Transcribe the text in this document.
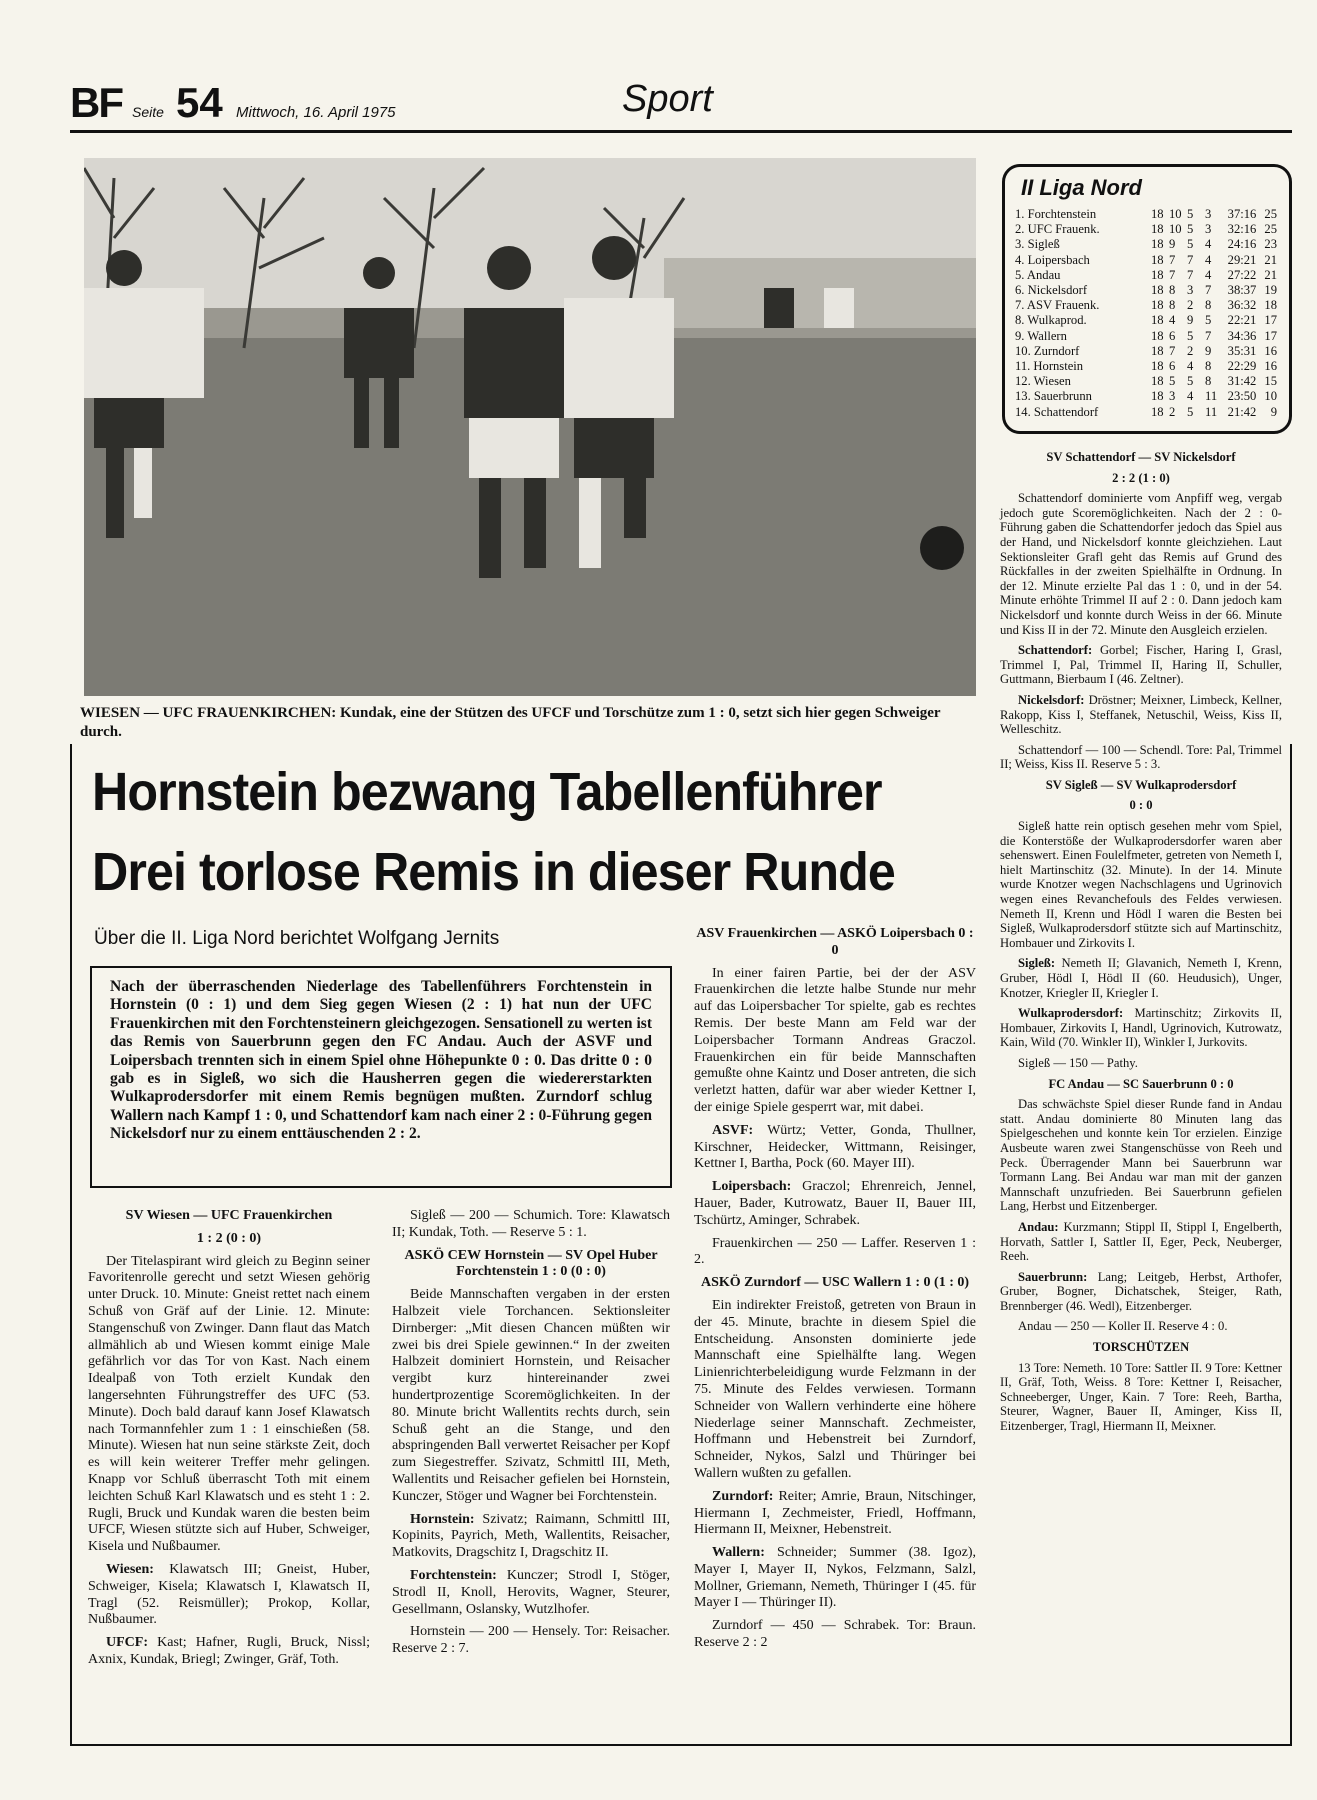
BF Seite 54 Mittwoch, 16. April 1975	Sport
WIESEN — UFC FRAUENKIRCHEN: Kundak, eine der Stützen des UFCF und Torschütze zum 1 : 0, setzt sich hier gegen Schweiger durch.
Hornstein bezwang Tabellenführer
Drei torlose Remis in dieser Runde
Über die II. Liga Nord berichtet Wolfgang Jernits
Nach der überraschenden Niederlage des Tabellenführers Forchtenstein in Hornstein (0 : 1) und dem Sieg gegen Wiesen (2 : 1) hat nun der UFC Frauenkirchen mit den Forchtensteinern gleichgezogen. Sensationell zu werten ist das Remis von Sauerbrunn gegen den FC Andau. Auch der ASVF und Loipersbach trennten sich in einem Spiel ohne Höhepunkte 0 : 0. Das dritte 0 : 0 gab es in Sigleß, wo sich die Hausherren gegen die wiedererstarkten Wulkaprodersdorfer mit einem Remis begnügen mußten. Zurndorf schlug Wallern nach Kampf 1 : 0, und Schattendorf kam nach einer 2 : 0-Führung gegen Nickelsdorf nur zu einem enttäuschenden 2 : 2.
II Liga Nord
1. Forchtenstein	18 10 5 3	37:16 25
2. UFC Frauenk.	18 10 5 3	32:16 25
3. Sigleß	18 9 5 4	24:16 23
4. Loipersbach	18 7 7 4	29:21 21
5. Andau	18 7 7 4	27:22 21
6. Nickelsdorf	18 8 3 7	38:37 19
7. ASV Frauenk.	18 8 2 8	36:32 18
8. Wulkaprod.	18 4 9 5	22:21 17
9. Wallern	18 6 5 7	34:36 17
10. Zurndorf	18 7 2 9	35:31 16
11. Hornstein	18 6 4 8	22:29 16
12. Wiesen	18 5 5 8	31:42 15
13. Sauerbrunn	18 3 4 11 23:50 10
14. Schattendorf	18 2 5 11 21:42	9

SV Wiesen — UFC Frauenkirchen

1 : 2 (0 : 0)

Der Titelaspirant wird gleich zu Beginn seiner Favoritenrolle gerecht und setzt Wiesen gehörig unter Druck. 10. Minute: Gneist rettet nach einem Schuß von Gräf auf der Linie. 12. Minute: Stangenschuß von Zwinger. Dann flaut das Match allmählich ab und Wiesen kommt einige Male gefährlich vor das Tor von Kast. Nach einem Idealpaß von Toth erzielt Kundak den langersehnten Führungstreffer des UFC (53. Minute). Doch bald darauf kann Josef Klawatsch nach Tormannfehler zum 1 : 1 einschießen (58. Minute). Wiesen hat nun seine stärkste Zeit, doch es will kein weiterer Treffer mehr gelingen. Knapp vor Schluß überrascht Toth mit einem leichten Schuß Karl Klawatsch und es steht 1 : 2. Rugli, Bruck und Kundak waren die besten beim UFCF, Wiesen stützte sich auf Huber, Schweiger, Kisela und Nußbaumer.

Wiesen: Klawatsch III; Gneist, Huber, Schweiger, Kisela; Klawatsch I, Klawatsch II, Tragl (52. Reismüller); Prokop, Kollar, Nußbaumer.

UFCF: Kast; Hafner, Rugli, Bruck, Nissl; Axnix, Kundak, Briegl; Zwinger, Gräf, Toth.

Sigleß — 200 — Schumich. Tore: Klawatsch II; Kundak, Toth. — Reserve 5 : 1.

ASKÖ CEW Hornstein — SV Opel Huber Forchtenstein 1 : 0 (0 : 0)

Beide Mannschaften vergaben in der ersten Halbzeit viele Torchancen. Sektionsleiter Dirnberger: „Mit diesen Chancen müßten wir zwei bis drei Spiele gewinnen.“ In der zweiten Halbzeit dominiert Hornstein, und Reisacher vergibt kurz hintereinander zwei hundertprozentige Scoremöglichkeiten. In der 80. Minute bricht Wallentits rechts durch, sein Schuß geht an die Stange, und den abspringenden Ball verwertet Reisacher per Kopf zum Siegestreffer. Szivatz, Schmittl III, Meth, Wallentits und Reisacher gefielen bei Hornstein, Kunczer, Stöger und Wagner bei Forchtenstein.

Hornstein: Szivatz; Raimann, Schmittl III, Kopinits, Payrich, Meth, Wallentits, Reisacher, Matkovits, Dragschitz I, Dragschitz II.

Forchtenstein: Kunczer; Strodl I, Stöger, Strodl II, Knoll, Herovits, Wagner, Steurer, Gesellmann, Oslansky, Wutzlhofer.

Hornstein — 200 — Hensely. Tor: Reisacher. Reserve 2 : 7.

ASV Frauenkirchen — ASKÖ Loipersbach 0 : 0

In einer fairen Partie, bei der der ASV Frauenkirchen die letzte halbe Stunde nur mehr auf das Loipersbacher Tor spielte, gab es rechtes Remis. Der beste Mann am Feld war der Loipersbacher Tormann Andreas Graczol. Frauenkirchen ein für beide Mannschaften gemußte ohne Kaintz und Doser antreten, die sich verletzt hatten, dafür war aber wieder Kettner I, der einige Spiele gesperrt war, mit dabei.

ASVF: Würtz; Vetter, Gonda, Thullner, Kirschner, Heidecker, Wittmann, Reisinger, Kettner I, Bartha, Pock (60. Mayer III).

Loipersbach: Graczol; Ehrenreich, Jennel, Hauer, Bader, Kutrowatz, Bauer II, Bauer III, Tschürtz, Aminger, Schrabek.

Frauenkirchen — 250 — Laffer. Reserven 1 : 2.

ASKÖ Zurndorf — USC Wallern 1 : 0 (1 : 0)

Ein indirekter Freistoß, getreten von Braun in der 45. Minute, brachte in diesem Spiel die Entscheidung. Ansonsten dominierte jede Mannschaft eine Spielhälfte lang. Wegen Linienrichterbeleidigung wurde Felzmann in der 75. Minute des Feldes verwiesen. Tormann Schneider von Wallern verhinderte eine höhere Niederlage seiner Mannschaft. Zechmeister, Hoffmann und Hebenstreit bei Zurndorf, Schneider, Nykos, Salzl und Thüringer bei Wallern wußten zu gefallen.

Zurndorf: Reiter; Amrie, Braun, Nitschinger, Hiermann I, Zechmeister, Friedl, Hoffmann, Hiermann II, Meixner, Hebenstreit.

Wallern: Schneider; Summer (38. Igoz), Mayer I, Mayer II, Nykos, Felzmann, Salzl, Mollner, Griemann, Nemeth, Thüringer I (45. für Mayer I — Thüringer II).

Zurndorf — 450 — Schrabek. Tor: Braun. Reserve 2 : 2

SV Schattendorf — SV Nickelsdorf

2 : 2 (1 : 0)

Schattendorf dominierte vom Anpfiff weg, vergab jedoch gute Scoremöglichkeiten. Nach der 2 : 0-Führung gaben die Schattendorfer jedoch das Spiel aus der Hand, und Nickelsdorf konnte gleichziehen. Laut Sektionsleiter Grafl geht das Remis auf Grund des Rückfalles in der zweiten Spielhälfte in Ordnung. In der 12. Minute erzielte Pal das 1 : 0, und in der 54. Minute erhöhte Trimmel II auf 2 : 0. Dann jedoch kam Nickelsdorf und konnte durch Weiss in der 66. Minute und Kiss II in der 72. Minute den Ausgleich erzielen.

Schattendorf: Gorbel; Fischer, Haring I, Grasl, Trimmel I, Pal, Trimmel II, Haring II, Schuller, Guttmann, Bierbaum I (46. Zeltner).

Nickelsdorf: Dröstner; Meixner, Limbeck, Kellner, Rakopp, Kiss I, Steffanek, Netuschil, Weiss, Kiss II, Welleschitz.

Schattendorf — 100 — Schendl. Tore: Pal, Trimmel II; Weiss, Kiss II. Reserve 5 : 3.

SV Sigleß — SV Wulkaprodersdorf

0 : 0

Sigleß hatte rein optisch gesehen mehr vom Spiel, die Konterstöße der Wulkaprodersdorfer waren aber sehenswert. Einen Foulelfmeter, getreten von Nemeth I, hielt Martinschitz (32. Minute). In der 14. Minute wurde Knotzer wegen Nachschlagens und Ugrinovich wegen eines Revanchefouls des Feldes verwiesen. Nemeth II, Krenn und Hödl I waren die Besten bei Sigleß, Wulkaprodersdorf stützte sich auf Martinschitz, Hombauer und Zirkovits I.

Sigleß: Nemeth II; Glavanich, Nemeth I, Krenn, Gruber, Hödl I, Hödl II (60. Heudusich), Unger, Knotzer, Kriegler II, Kriegler I.

Wulkaprodersdorf: Martinschitz; Zirkovits II, Hombauer, Zirkovits I, Handl, Ugrinovich, Kutrowatz, Kain, Wild (70. Winkler II), Winkler I, Jurkovits.

Sigleß — 150 — Pathy.

FC Andau — SC Sauerbrunn 0 : 0

Das schwächste Spiel dieser Runde fand in Andau statt. Andau dominierte 80 Minuten lang das Spielgeschehen und konnte kein Tor erzielen. Einzige Ausbeute waren zwei Stangenschüsse von Reeh und Peck. Überragender Mann bei Sauerbrunn war Tormann Lang. Bei Andau war man mit der ganzen Mannschaft unzufrieden. Bei Sauerbrunn gefielen Lang, Herbst und Eitzenberger.

Andau: Kurzmann; Stippl II, Stippl I, Engelberth, Horvath, Sattler I, Sattler II, Eger, Peck, Neuberger, Reeh.

Sauerbrunn: Lang; Leitgeb, Herbst, Arthofer, Gruber, Bogner, Dichatschek, Steiger, Rath, Brennberger (46. Wedl), Eitzenberger.

Andau — 250 — Koller II. Reserve 4 : 0.

TORSCHÜTZEN

13 Tore: Nemeth. 10 Tore: Sattler II. 9 Tore: Kettner II, Gräf, Toth, Weiss. 8 Tore: Kettner I, Reisacher, Schneeberger, Unger, Kain. 7 Tore: Reeh, Bartha, Steurer, Wagner, Bauer II, Aminger, Kiss II, Eitzenberger, Tragl, Hiermann II, Meixner.
